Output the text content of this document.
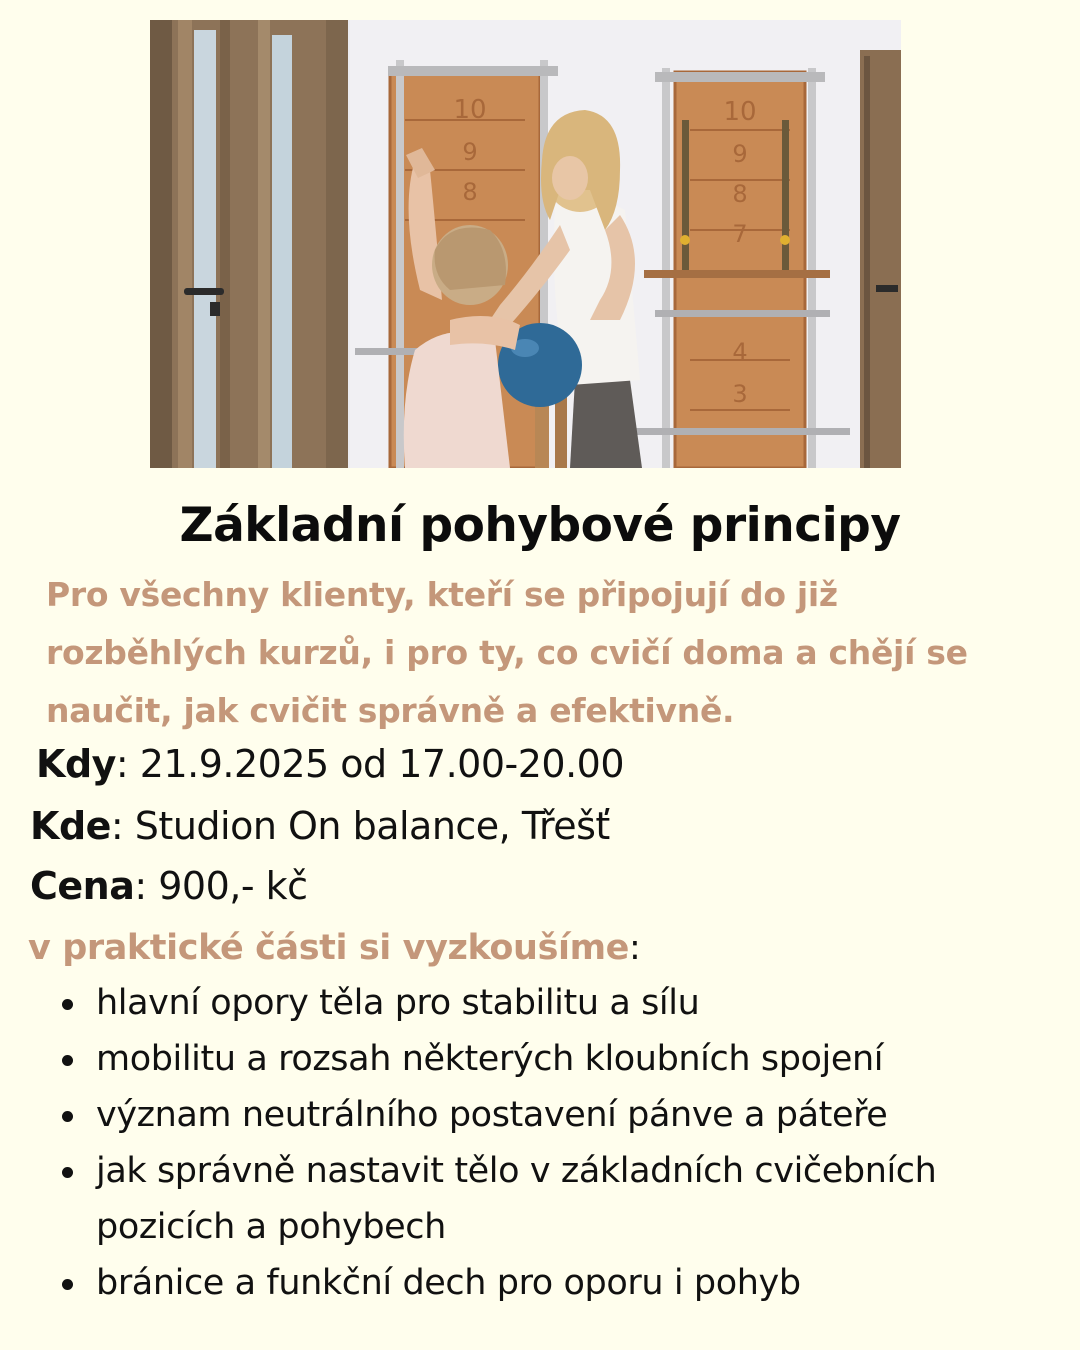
10
9
8
10
9
8
7
4
3
Základní pohybové principy
Pro všechny klienty, kteří se připojují do již rozběhlých kurzů, i pro ty, co cvičí doma a chějí se naučit, jak cvičit správně a efektivně.
Kdy: 21.9.2025 od 17.00-20.00
Kde: Studion On balance, Třešť
Cena: 900,- kč
v praktické části si vyzkoušíme:
hlavní opory těla pro stabilitu a sílu
mobilitu a rozsah některých kloubních spojení
význam neutrálního postavení pánve a páteře
jak správně nastavit tělo v základních cvičebních pozicích a pohybech
bránice a funkční dech pro oporu i pohyb
